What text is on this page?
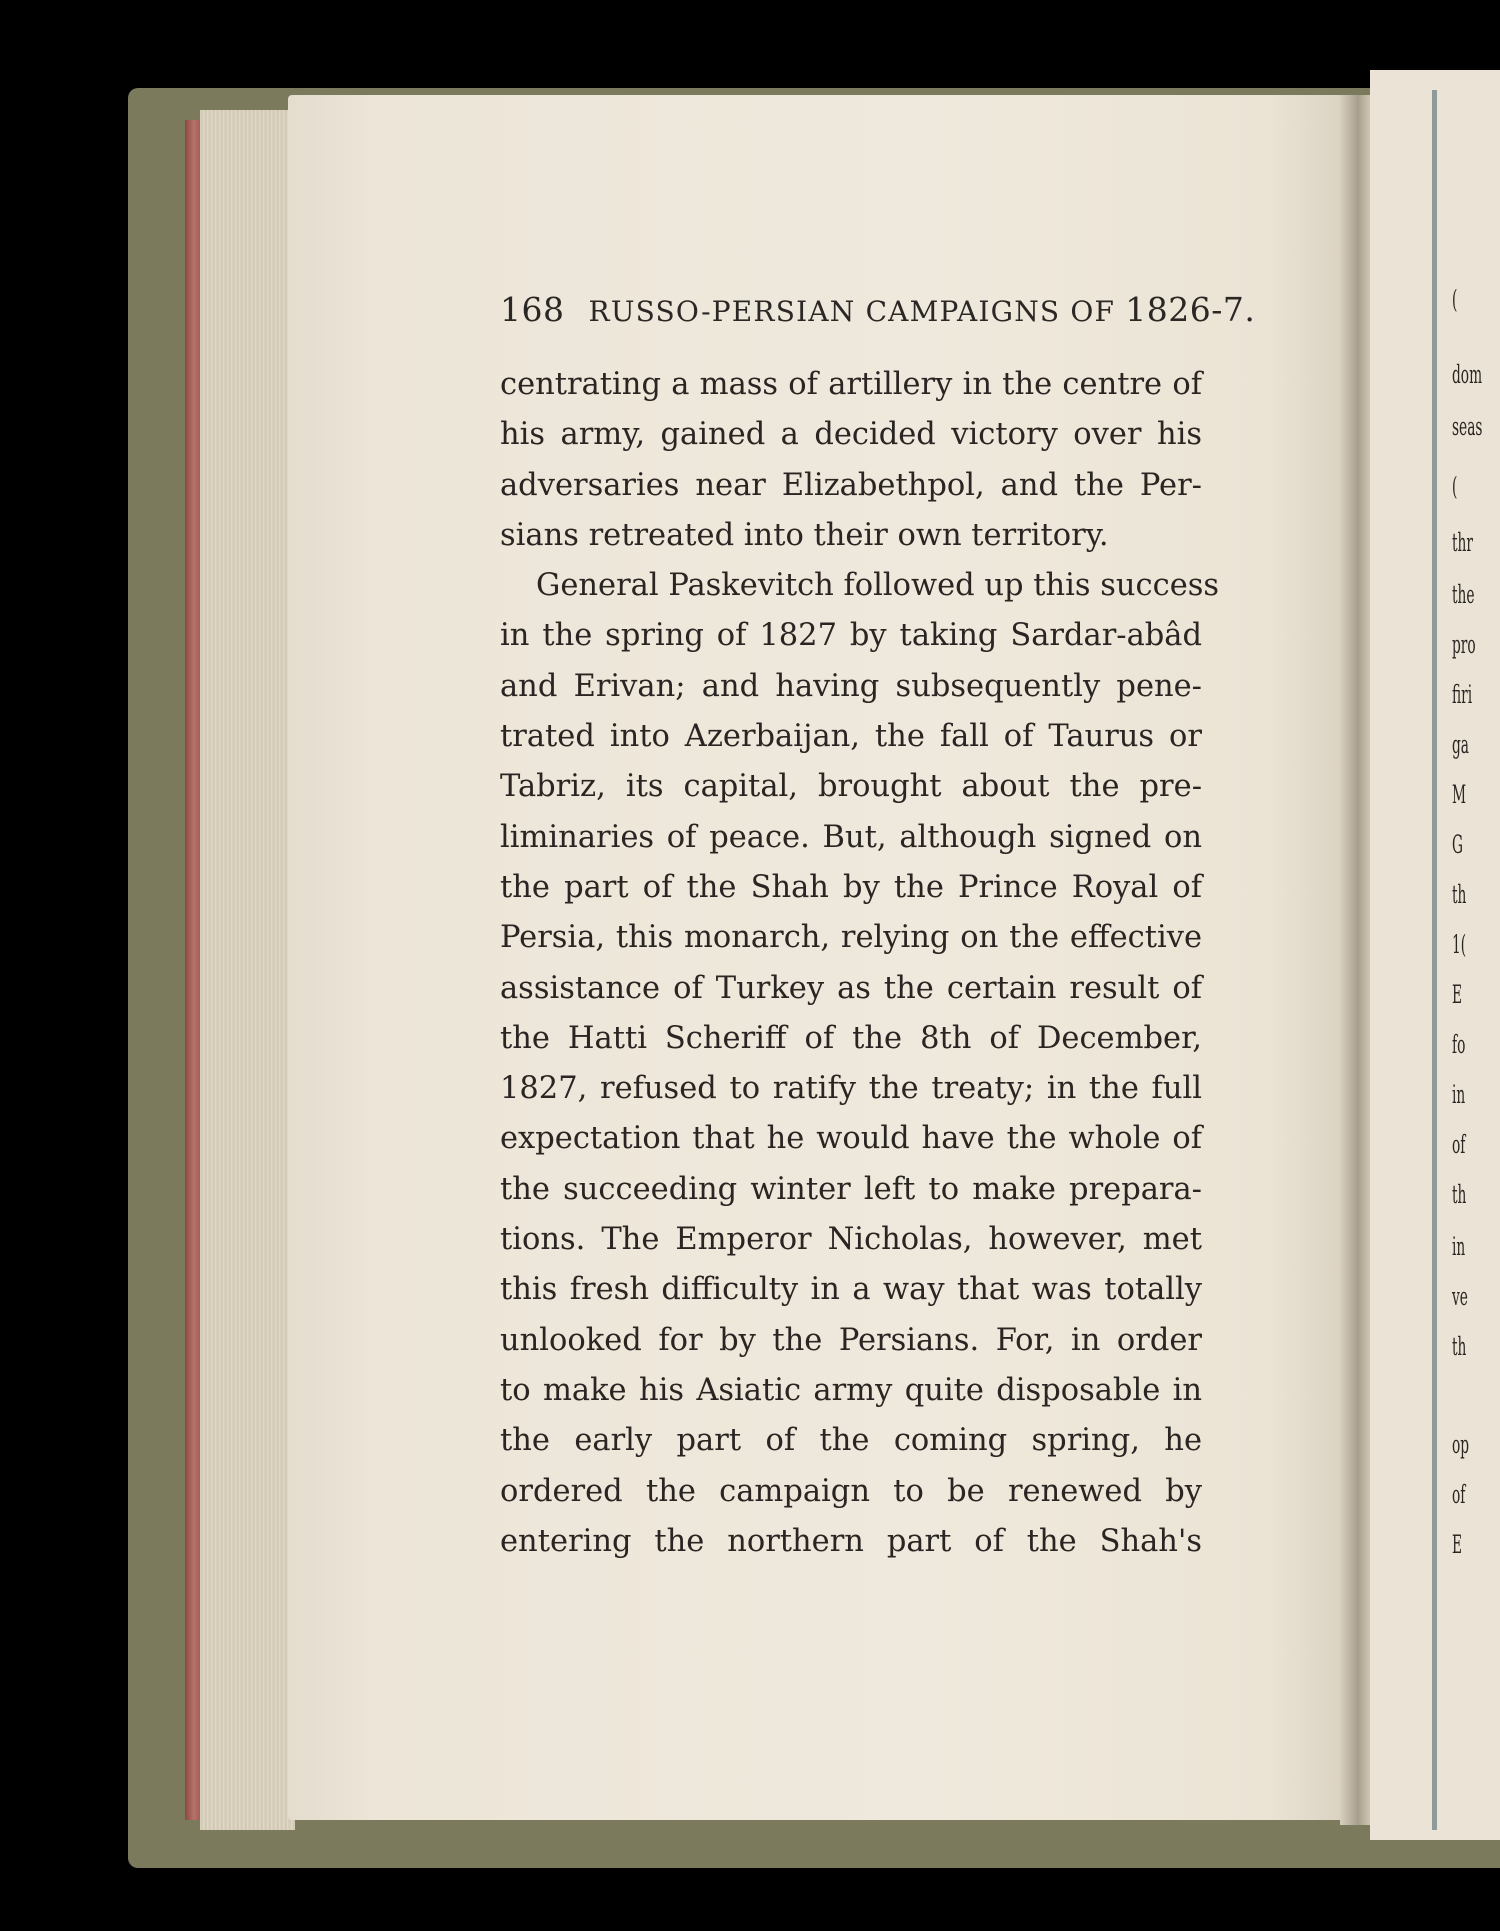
(
dom
seas
(
thr
the
pro
firi
ga
M
G
th
1(
E
fo
in
of
th
in
ve
th
op
of
E
168 RUSSO-PERSIAN CAMPAIGNS OF 1826-7.
centrating a mass of artillery in the centre of
his army, gained a decided victory over his
adversaries near Elizabethpol, and the Per-
sians retreated into their own territory.
General Paskevitch followed up this success
in the spring of 1827 by taking Sardar-abâd
and Erivan; and having subsequently pene-
trated into Azerbaijan, the fall of Taurus or
Tabriz, its capital, brought about the pre-
liminaries of peace. But, although signed on
the part of the Shah by the Prince Royal of
Persia, this monarch, relying on the effective
assistance of Turkey as the certain result of
the Hatti Scheriff of the 8th of December,
1827, refused to ratify the treaty; in the full
expectation that he would have the whole of
the succeeding winter left to make prepara-
tions. The Emperor Nicholas, however, met
this fresh difficulty in a way that was totally
unlooked for by the Persians. For, in order
to make his Asiatic army quite disposable in
the early part of the coming spring, he
ordered the campaign to be renewed by
entering the northern part of the Shah's
